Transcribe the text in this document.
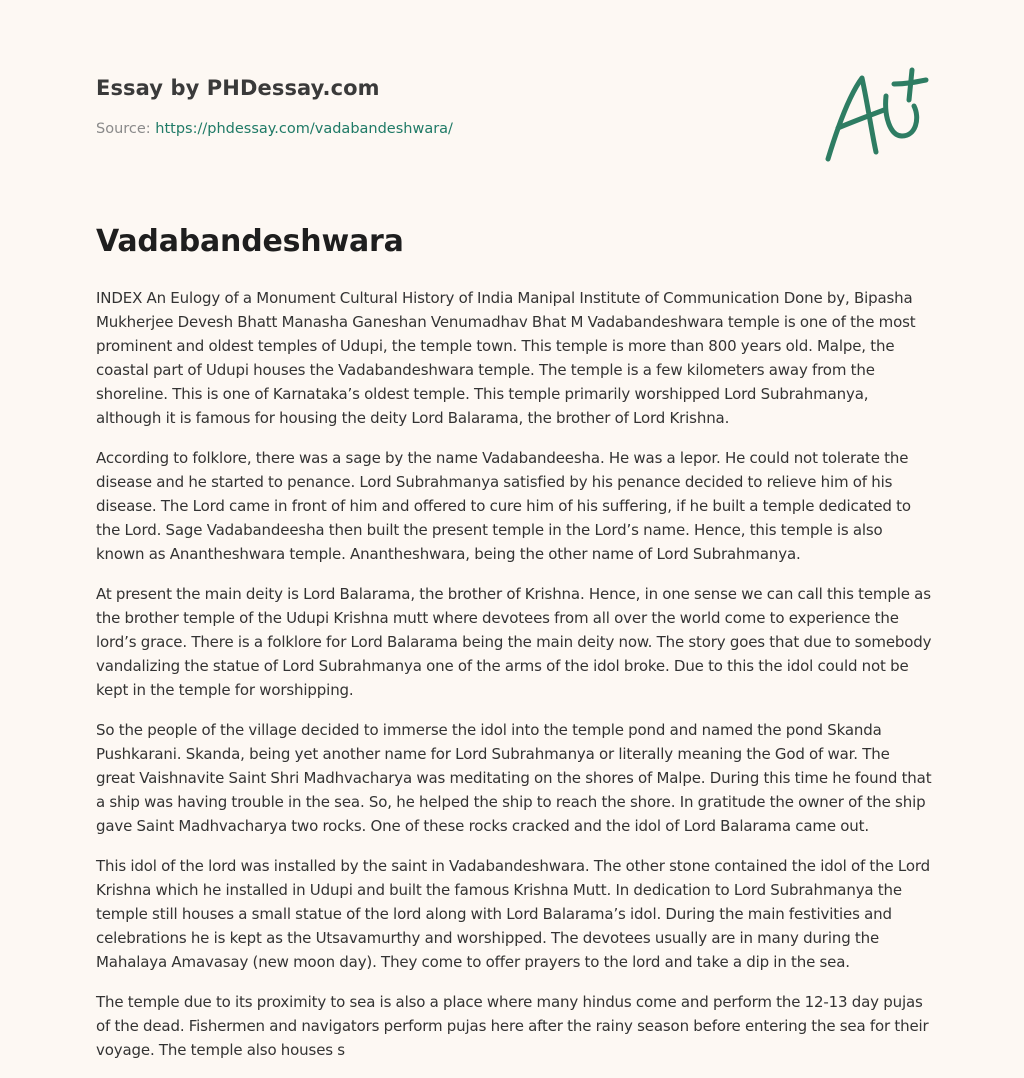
Essay by PHDessay.com
Source: https://phdessay.com/vadabandeshwara/
Vadabandeshwara

INDEX An Eulogy of a Monument Cultural History of India Manipal Institute of Communication Done by, Bipasha Mukherjee Devesh Bhatt Manasha Ganeshan Venumadhav Bhat M Vadabandeshwara temple is one of the most prominent and oldest temples of Udupi, the temple town. This temple is more than 800 years old. Malpe, the coastal part of Udupi houses the Vadabandeshwara temple. The temple is a few kilometers away from the shoreline. This is one of Karnataka’s oldest temple. This temple primarily worshipped Lord Subrahmanya, although it is famous for housing the deity Lord Balarama, the brother of Lord Krishna.

According to folklore, there was a sage by the name Vadabandeesha. He was a lepor. He could not tolerate the disease and he started to penance. Lord Subrahmanya satisfied by his penance decided to relieve him of his disease. The Lord came in front of him and offered to cure him of his suffering, if he built a temple dedicated to the Lord. Sage Vadabandeesha then built the present temple in the Lord’s name. Hence, this temple is also known as Anantheshwara temple. Anantheshwara, being the other name of Lord Subrahmanya.

At present the main deity is Lord Balarama, the brother of Krishna. Hence, in one sense we can call this temple as the brother temple of the Udupi Krishna mutt where devotees from all over the world come to experience the lord’s grace. There is a folklore for Lord Balarama being the main deity now. The story goes that due to somebody vandalizing the statue of Lord Subrahmanya one of the arms of the idol broke. Due to this the idol could not be kept in the temple for worshipping.

So the people of the village decided to immerse the idol into the temple pond and named the pond Skanda Pushkarani. Skanda, being yet another name for Lord Subrahmanya or literally meaning the God of war. The great Vaishnavite Saint Shri Madhvacharya was meditating on the shores of Malpe. During this time he found that a ship was having trouble in the sea. So, he helped the ship to reach the shore. In gratitude the owner of the ship gave Saint Madhvacharya two rocks. One of these rocks cracked and the idol of Lord Balarama came out.

This idol of the lord was installed by the saint in Vadabandeshwara. The other stone contained the idol of the Lord Krishna which he installed in Udupi and built the famous Krishna Mutt. In dedication to Lord Subrahmanya the temple still houses a small statue of the lord along with Lord Balarama’s idol. During the main festivities and celebrations he is kept as the Utsavamurthy and worshipped. The devotees usually are in many during the Mahalaya Amavasay (new moon day). They come to offer prayers to the lord and take a dip in the sea.

The temple due to its proximity to sea is also a place where many hindus come and perform the 12-13 day pujas of the dead. Fishermen and navigators perform pujas here after the rainy season before entering the sea for their voyage. The temple also houses s
